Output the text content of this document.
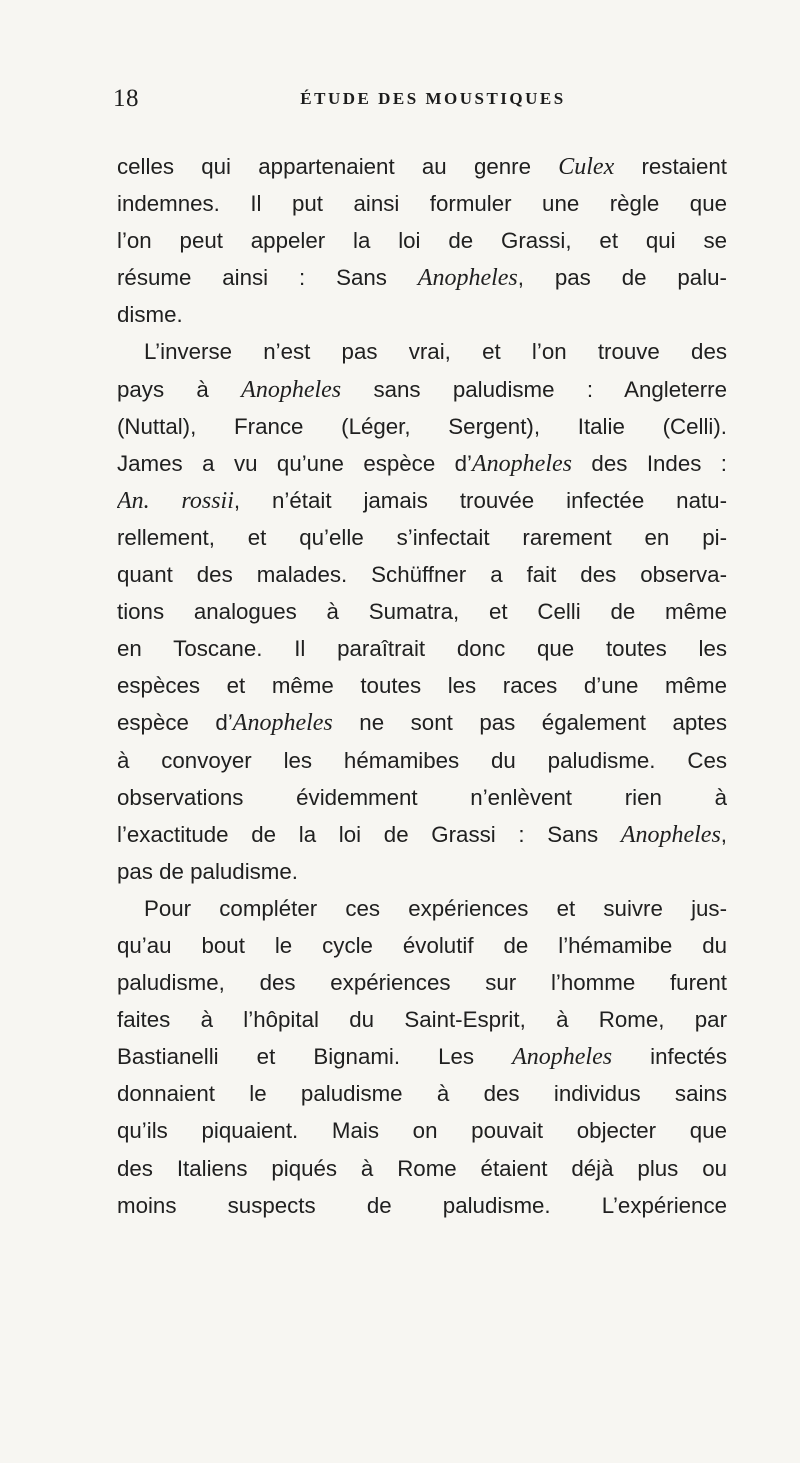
18	ÉTUDE DES MOUSTIQUES
celles qui appartenaient au genre Culex restaient
indemnes. Il put ainsi formuler une règle que
l’on peut appeler la loi de Grassi, et qui se
résume ainsi : Sans Anopheles, pas de palu-
disme.
L’inverse n’est pas vrai, et l’on trouve des
pays à Anopheles sans paludisme : Angleterre
(Nuttal), France (Léger, Sergent), Italie (Celli).
James a vu qu’une espèce d’Anopheles des Indes :
An. rossii, n’était jamais trouvée infectée natu-
rellement, et qu’elle s’infectait rarement en pi-
quant des malades. Schüffner a fait des observa-
tions analogues à Sumatra, et Celli de même
en Toscane. Il paraîtrait donc que toutes les
espèces et même toutes les races d’une même
espèce d’Anopheles ne sont pas également aptes
à convoyer les hémamibes du paludisme. Ces
observations évidemment n’enlèvent rien à
l’exactitude de la loi de Grassi : Sans Anopheles,
pas de paludisme.
Pour compléter ces expériences et suivre jus-
qu’au bout le cycle évolutif de l’hémamibe du
paludisme, des expériences sur l’homme furent
faites à l’hôpital du Saint-Esprit, à Rome, par
Bastianelli et Bignami. Les Anopheles infectés
donnaient le paludisme à des individus sains
qu’ils piquaient. Mais on pouvait objecter que
des Italiens piqués à Rome étaient déjà plus ou
moins suspects de paludisme. L’expérience
